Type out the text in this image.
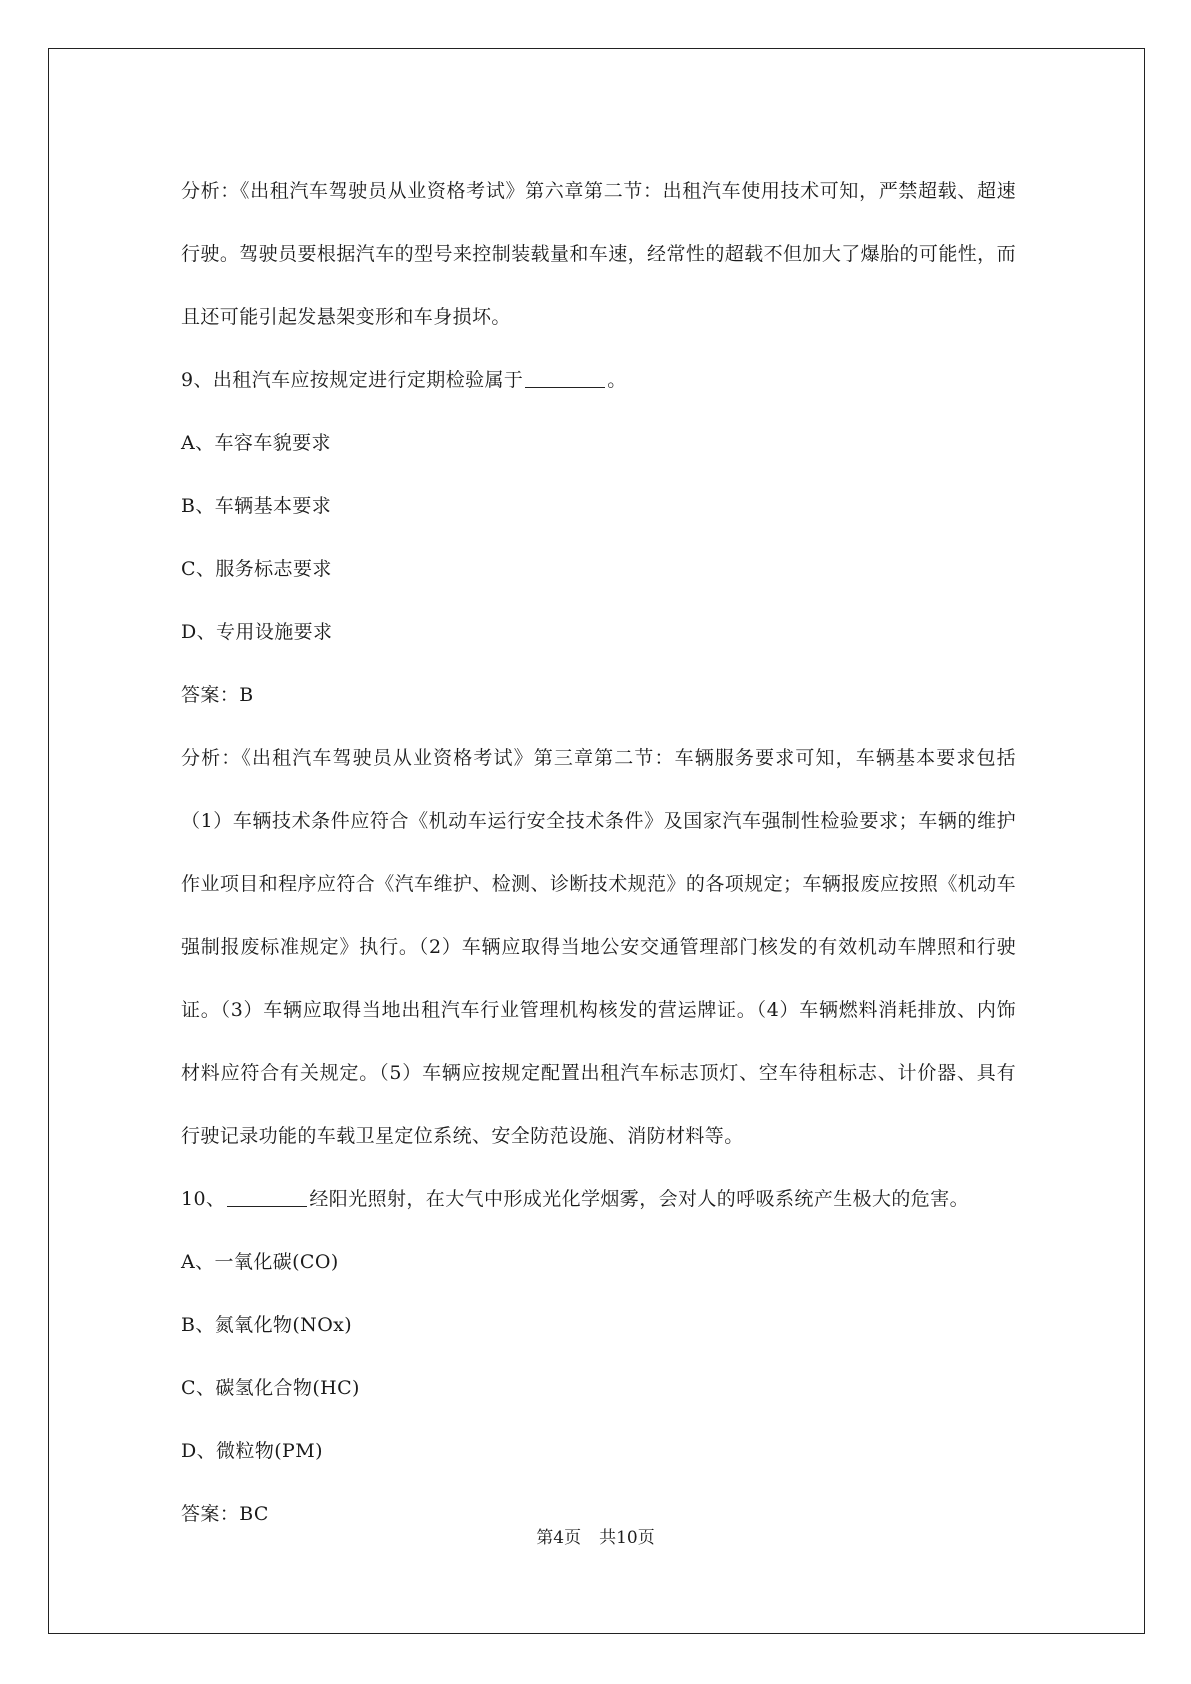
分析：《出租汽车驾驶员从业资格考试》第六章第二节：出租汽车使用技术可知，严禁超载、超速行驶。驾驶员要根据汽车的型号来控制装载量和车速，经常性的超载不但加大了爆胎的可能性，而且还可能引起发悬架变形和车身损坏。

9、出租汽车应按规定进行定期检验属于	。

A、车容车貌要求

B、车辆基本要求

C、服务标志要求

D、专用设施要求

答案：B

分析：《出租汽车驾驶员从业资格考试》第三章第二节：车辆服务要求可知，车辆基本要求包括（1）车辆技术条件应符合《机动车运行安全技术条件》及国家汽车强制性检验要求；车辆的维护作业项目和程序应符合《汽车维护、检测、诊断技术规范》的各项规定；车辆报废应按照《机动车强制报废标准规定》执行。（2）车辆应取得当地公安交通管理部门核发的有效机动车牌照和行驶证。（3）车辆应取得当地出租汽车行业管理机构核发的营运牌证。（4）车辆燃料消耗排放、内饰材料应符合有关规定。（5）车辆应按规定配置出租汽车标志顶灯、空车待租标志、计价器、具有行驶记录功能的车载卫星定位系统、安全防范设施、消防材料等。

10、	经阳光照射，在大气中形成光化学烟雾，会对人的呼吸系统产生极大的危害。

A、一氧化碳(CO)

B、氮氧化物(NOx)

C、碳氢化合物(HC)

D、微粒物(PM)

答案：BC

第4页 共10页
